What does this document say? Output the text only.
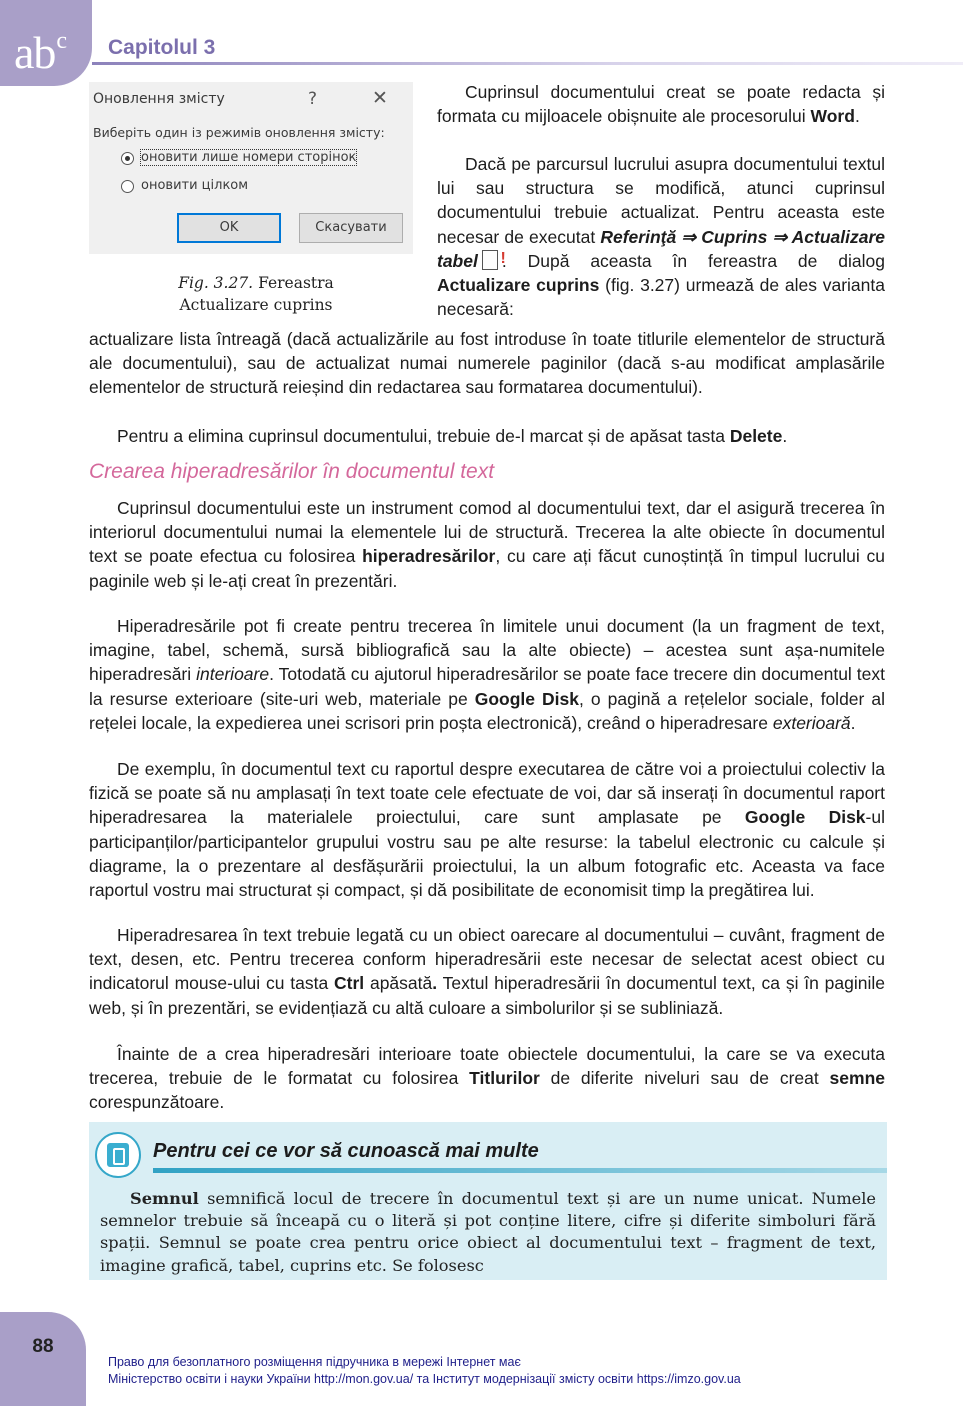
$ab^c$ Capitolul 3
Оновлення змісту	?	✕
Виберіть один із режимів оновлення змісту:
оновити лише номери сторінок
оновити цілком
OK	Скасувати
Fig. 3.27. Fereastra
Actualizare cuprins

Cuprinsul documentului creat se poate redacta și formata cu mijloacele obișnuite ale procesorului Word.

Dacă pe parcursul lucrului asupra documentului textul lui sau structura se modifică, atunci cuprinsul documentului trebuie actualizat. Pentru aceasta este necesar de executat Referinţă ⇒ Cuprins ⇒ Actualizare tabel! . După aceasta în fereastra de dialog Actualizare cuprins (fig. 3.27) urmează de ales varianta necesară:

actualizare lista întreagă (dacă actualizările au fost introduse în toate titlurile elementelor de structură ale documentului), sau de actualizat numai numerele paginilor (dacă s-au modificat amplasările elementelor de structură reieșind din redactarea sau formatarea documentului).

Pentru a elimina cuprinsul documentului, trebuie de-l marcat și de apăsat tasta Delete.

Crearea hiperadresărilor în documentul text

Cuprinsul documentului este un instrument comod al documentului text, dar el asigură trecerea în interiorul documentului numai la elementele lui de structură. Trecerea la alte obiecte în documentul text se poate efectua cu folosirea hiperadresărilor, cu care ați făcut cunoștință în timpul lucrului cu paginile web și le-ați creat în prezentări.

Hiperadresările pot fi create pentru trecerea în limitele unui document (la un fragment de text, imagine, tabel, schemă, sursă bibliografică sau la alte obiecte) – acestea sunt așa-numitele hiperadresări interioare. Totodată cu ajutorul hiperadresărilor se poate face trecere din documentul text la resurse exterioare (site-uri web, materiale pe Google Disk, o pagină a rețelelor sociale, folder al rețelei locale, la expedierea unei scrisori prin poșta electronică), creând o hiperadresare exterioară.

De exemplu, în documentul text cu raportul despre executarea de către voi a proiectului colectiv la fizică se poate să nu amplasați în text toate cele efectuate de voi, dar să inserați în documentul raport hiperadresarea la materialele proiectului, care sunt amplasate pe Google Disk-ul participanților/participantelor grupului vostru sau pe alte resurse: la tabelul electronic cu calcule și diagrame, la o prezentare al desfășurării proiectului, la un album fotografic etc. Aceasta va face raportul vostru mai structurat și compact, și dă posibilitate de economisit timp la pregătirea lui.

Hiperadresarea în text trebuie legată cu un obiect oarecare al documentului – cuvânt, fragment de text, desen, etc. Pentru trecerea conform hiperadresării este necesar de selectat acest obiect cu indicatorul mouse-ului cu tasta Ctrl apăsată. Textul hiperadresării în documentul text, ca și în paginile web, și în prezentări, se evidențiază cu altă culoare a simbolurilor și se subliniază.

Înainte de a crea hiperadresări interioare toate obiectele documentului, la care se va executa trecerea, trebuie de le formatat cu folosirea Titlurilor de diferite niveluri sau de creat semne corespunzătoare.

Pentru cei ce vor să cunoască mai multe

Semnul semnifică locul de trecere în documentul text și are un nume unicat. Numele semnelor trebuie să înceapă cu o literă și pot conține litere, cifre și diferite simboluri fără spații. Semnul se poate crea pentru orice obiect al documentului text – fragment de text, imagine grafică, tabel, cuprins etc. Se folosesc

88
Право для безоплатного розміщення підручника в мережі Інтернет має
Міністерство освіти і науки України http://mon.gov.ua/ та Інститут модернізації змісту освіти https://imzo.gov.ua
